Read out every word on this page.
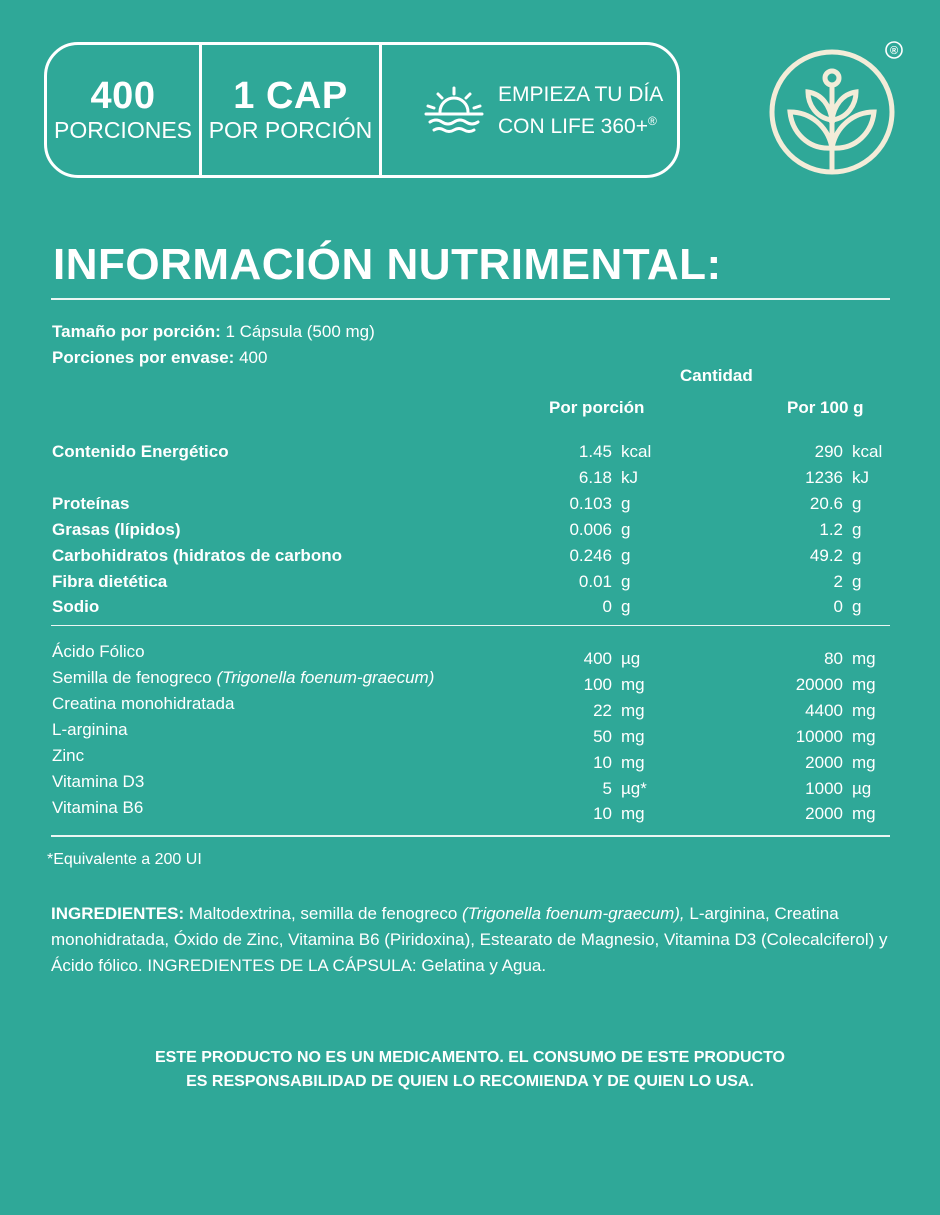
400
PORCIONES
1 CAP
POR PORCIÓN
EMPIEZA TU DÍA
CON LIFE 360+®
®
INFORMACIÓN NUTRIMENTAL:
Tamaño por porción: 1 Cápsula (500 mg)
Porciones por envase: 400
Cantidad
Por porción	Por 100 g
Contenido Energético	1.45 kcal	290 kcal
6.18 kJ	1236 kJ
Proteínas	0.103 g	20.6 g
Grasas (lípidos)	0.006 g	1.2 g
Carbohidratos (hidratos de carbono	0.246 g	49.2 g
Fibra dietética	0.01 g	2 g
Sodio	0 g	0 g
Ácido Fólico	400 µg	80 mg
Semilla de fenogreco (Trigonella foenum-graecum)	100 mg	20000 mg
Creatina monohidratada	22 mg	4400 mg
L-arginina	50 mg	10000 mg
Zinc	10 mg	2000 mg
Vitamina D3	5 µg*	1000 µg
Vitamina B6	10 mg	2000 mg
*Equivalente a 200 UI
INGREDIENTES: Maltodextrina, semilla de fenogreco (Trigonella foenum-graecum), L-arginina, Creatina monohidratada, Óxido de Zinc, Vitamina B6 (Piridoxina), Estearato de Magnesio, Vitamina D3 (Colecalciferol) y Ácido fólico. INGREDIENTES DE LA CÁPSULA: Gelatina y Agua.
ESTE PRODUCTO NO ES UN MEDICAMENTO. EL CONSUMO DE ESTE PRODUCTO
ES RESPONSABILIDAD DE QUIEN LO RECOMIENDA Y DE QUIEN LO USA.
